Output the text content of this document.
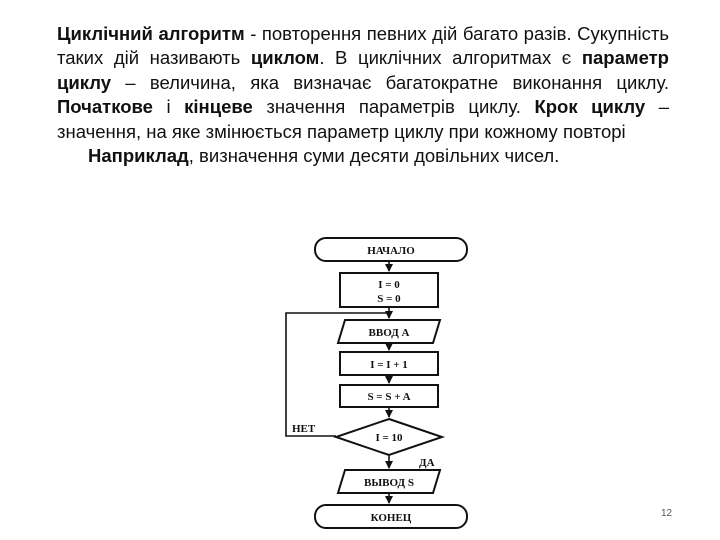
Циклічний алгоритм - повторення певних дій багато разів. Сукупність таких дій називають циклом. В циклічних алгоритмах є параметр циклу – величина, яка визначає багатократне виконання циклу. Початкове і кінцеве значення параметрів циклу. Крок циклу – значення, на яке змінюється параметр циклу при кожному повторі

Наприклад, визначення суми десяти довільних чисел.

НАЧАЛО
I = 0
S = 0
ВВОД А
I = I + 1
S = S + A
I = 10
НЕТ
ДА
ВЫВОД S
КОНЕЦ	12
